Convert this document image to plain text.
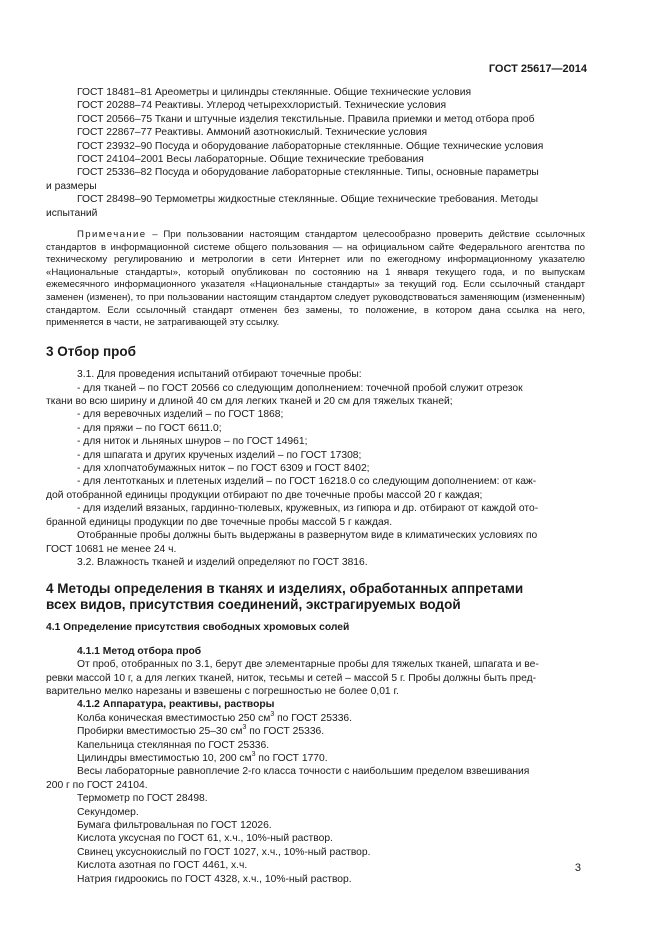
ГОСТ 25617—2014

ГОСТ 18481–81 Ареометры и цилиндры стеклянные. Общие технические условия

ГОСТ 20288–74 Реактивы. Углерод четыреххлористый. Технические условия

ГОСТ 20566–75 Ткани и штучные изделия текстильные. Правила приемки и метод отбора проб

ГОСТ 22867–77 Реактивы. Аммоний азотнокислый. Технические условия

ГОСТ 23932–90 Посуда и оборудование лабораторные стеклянные. Общие технические условия

ГОСТ 24104–2001 Весы лабораторные. Общие технические требования

ГОСТ 25336–82 Посуда и оборудование лабораторные стеклянные. Типы, основные параметры
и размеры

ГОСТ 28498–90 Термометры жидкостные стеклянные. Общие технические требования. Методы
испытаний

Примечание – При пользовании настоящим стандартом целесообразно проверить действие ссылочных стандартов в информационной системе общего пользования — на официальном сайте Федерального агентства по техническому регулированию и метрологии в сети Интернет или по ежегодному информационному указателю «Национальные стандарты», который опубликован по состоянию на 1 января текущего года, и по выпускам ежемесячного информационного указателя «Национальные стандарты» за текущий год. Если ссылочный стандарт заменен (изменен), то при пользовании настоящим стандартом следует руководствоваться заменяющим (измененным) стандартом. Если ссылочный стандарт отменен без замены, то положение, в котором дана ссылка на него, применяется в части, не затрагивающей эту ссылку.

3 Отбор проб

3.1. Для проведения испытаний отбирают точечные пробы:

- для тканей – по ГОСТ 20566 со следующим дополнением: точечной пробой служит отрезок
ткани во всю ширину и длиной 40 см для легких тканей и 20 см для тяжелых тканей;

- для веревочных изделий – по ГОСТ 1868;

- для пряжи – по ГОСТ 6611.0;

- для ниток и льняных шнуров – по ГОСТ 14961;

- для шпагата и других крученых изделий – по ГОСТ 17308;

- для хлопчатобумажных ниток – по ГОСТ 6309 и ГОСТ 8402;

- для лентотканых и плетеных изделий – по ГОСТ 16218.0 со следующим дополнением: от каж-
дой отобранной единицы продукции отбирают по две точечные пробы массой 20 г каждая;

- для изделий вязаных, гардинно-тюлевых, кружевных, из гипюра и др. отбирают от каждой ото-
бранной единицы продукции по две точечные пробы массой 5 г каждая.

Отобранные пробы должны быть выдержаны в развернутом виде в климатических условиях по
ГОСТ 10681 не менее 24 ч.

3.2. Влажность тканей и изделий определяют по ГОСТ 3816.

4 Методы определения в тканях и изделиях, обработанных аппретами
всех видов, присутствия соединений, экстрагируемых водой

4.1 Определение присутствия свободных хромовых солей

4.1.1 Метод отбора проб

От проб, отобранных по 3.1, берут две элементарные пробы для тяжелых тканей, шпагата и ве-
ревки массой 10 г, а для легких тканей, ниток, тесьмы и сетей – массой 5 г. Пробы должны быть пред-
варительно мелко нарезаны и взвешены с погрешностью не более 0,01 г.

4.1.2 Аппаратура, реактивы, растворы

Колба коническая вместимостью 250 $см^3$ по ГОСТ 25336.

Пробирки вместимостью 25–30 $см^3$ по ГОСТ 25336.

Капельница стеклянная по ГОСТ 25336.

Цилиндры вместимостью 10, 200 $см^3$ по ГОСТ 1770.

Весы лабораторные равноплечие 2-го класса точности с наибольшим пределом взвешивания
200 г по ГОСТ 24104.

Термометр по ГОСТ 28498.

Секундомер.

Бумага фильтровальная по ГОСТ 12026.

Кислота уксусная по ГОСТ 61, х.ч., 10%-ный раствор.

Свинец уксуснокислый по ГОСТ 1027, х.ч., 10%-ный раствор.

Кислота азотная по ГОСТ 4461, х.ч.

Натрия гидроокись по ГОСТ 4328, х.ч., 10%-ный раствор.

3
